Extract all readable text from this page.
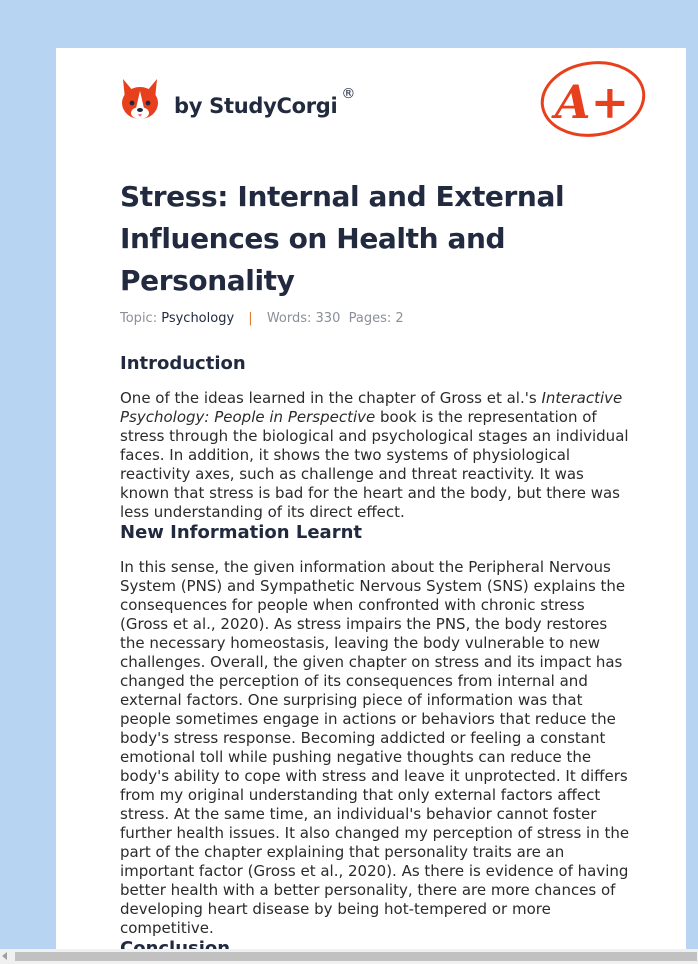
by StudyCorgi ®	A+
Stress: Internal and External Influences on Health and Personality
Topic: Psychology | Words: 330 Pages: 2
Introduction

One of the ideas learned in the chapter of Gross et al.'s Interactive Psychology: People in Perspective book is the representation of stress through the biological and psychological stages an individual faces. In addition, it shows the two systems of physiological reactivity axes, such as challenge and threat reactivity. It was known that stress is bad for the heart and the body, but there was less understanding of its direct effect.

New Information Learnt

In this sense, the given information about the Peripheral Nervous System (PNS) and Sympathetic Nervous System (SNS) explains the consequences for people when confronted with chronic stress (Gross et al., 2020). As stress impairs the PNS, the body restores the necessary homeostasis, leaving the body vulnerable to new challenges. Overall, the given chapter on stress and its impact has changed the perception of its consequences from internal and external factors. One surprising piece of information was that people sometimes engage in actions or behaviors that reduce the body's stress response. Becoming addicted or feeling a constant emotional toll while pushing negative thoughts can reduce the body's ability to cope with stress and leave it unprotected. It differs from my original understanding that only external factors affect stress. At the same time, an individual's behavior cannot foster further health issues. It also changed my perception of stress in the part of the chapter explaining that personality traits are an important factor (Gross et al., 2020). As there is evidence of having better health with a better personality, there are more chances of developing heart disease by being hot-tempered or more competitive.
